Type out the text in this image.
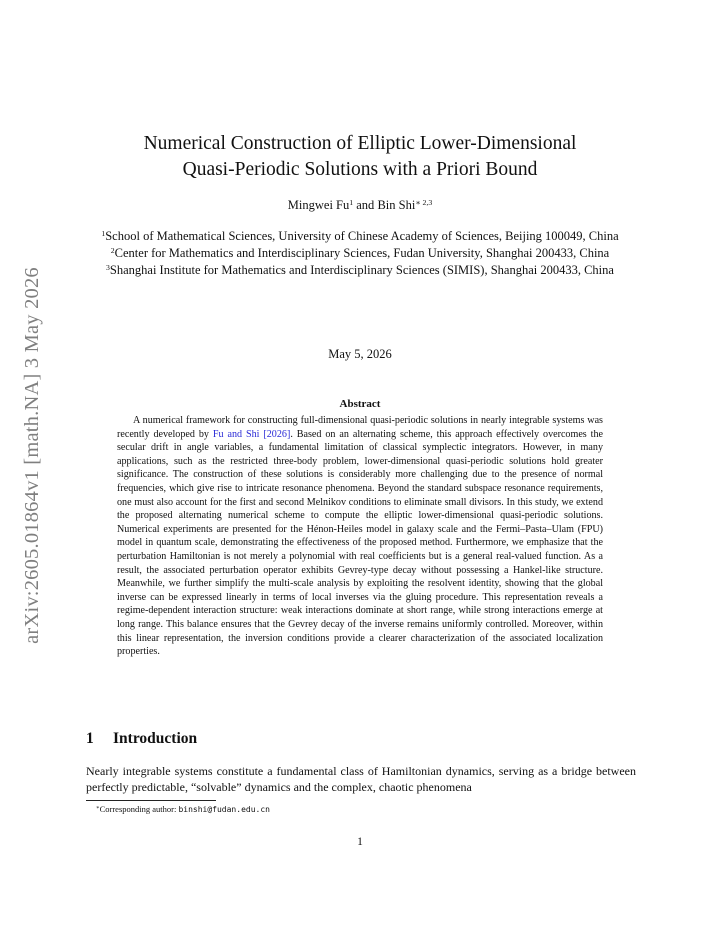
arXiv:2605.01864v1 [math.NA] 3 May 2026
Numerical Construction of Elliptic Lower-Dimensional
Quasi-Periodic Solutions with a Priori Bound
Mingwei Fu$^1$ and Bin Shi$^{∗ 2,3}$
$^1$School of Mathematical Sciences, University of Chinese Academy of Sciences, Beijing 100049, China
$^2$Center for Mathematics and Interdisciplinary Sciences, Fudan University, Shanghai 200433, China
$^3$Shanghai Institute for Mathematics and Interdisciplinary Sciences (SIMIS), Shanghai 200433, China
May 5, 2026
Abstract
A numerical framework for constructing full-dimensional quasi-periodic solutions in nearly integrable systems was recently developed by Fu and Shi [2026]. Based on an alternating scheme, this approach effectively overcomes the secular drift in angle variables, a fundamental limitation of classical symplectic integrators. However, in many applications, such as the restricted three-body problem, lower-dimensional quasi-periodic solutions hold greater significance. The construction of these solutions is considerably more challenging due to the presence of normal frequencies, which give rise to intricate resonance phenomena. Beyond the standard subspace resonance requirements, one must also account for the first and second Melnikov conditions to eliminate small divisors. In this study, we extend the proposed alternating numerical scheme to compute the elliptic lower-dimensional quasi-periodic solutions. Numerical experiments are presented for the Hénon-Heiles model in galaxy scale and the Fermi–Pasta–Ulam (FPU) model in quantum scale, demonstrating the effectiveness of the proposed method. Furthermore, we emphasize that the perturbation Hamiltonian is not merely a polynomial with real coefficients but is a general real-valued function. As a result, the associated perturbation operator exhibits Gevrey-type decay without possessing a Hankel-like structure. Meanwhile, we further simplify the multi-scale analysis by exploiting the resolvent identity, showing that the global inverse can be expressed linearly in terms of local inverses via the gluing procedure. This representation reveals a regime-dependent interaction structure: weak interactions dominate at short range, while strong interactions emerge at long range. This balance ensures that the Gevrey decay of the inverse remains uniformly controlled. Moreover, within this linear representation, the inversion conditions provide a clearer characterization of the associated localization properties.
1 Introduction
Nearly integrable systems constitute a fundamental class of Hamiltonian dynamics, serving as a bridge between perfectly predictable, “solvable” dynamics and the complex, chaotic phenomena
∗Corresponding author: binshi@fudan.edu.cn
1
